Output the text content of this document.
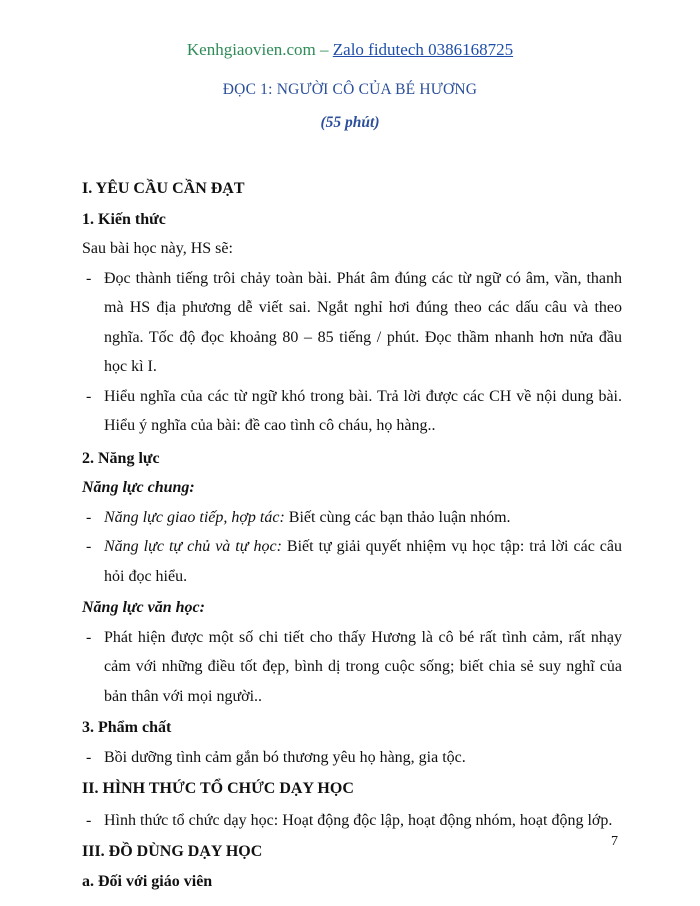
Kenhgiaovien.com – Zalo fidutech 0386168725
ĐỌC 1: NGƯỜI CÔ CỦA BÉ HƯƠNG
(55 phút)

I. YÊU CẦU CẦN ĐẠT

1. Kiến thức

Sau bài học này, HS sẽ:

- Đọc thành tiếng trôi chảy toàn bài. Phát âm đúng các từ ngữ có âm, vần, thanh mà HS địa phương dễ viết sai. Ngắt nghỉ hơi đúng theo các dấu câu và theo nghĩa. Tốc độ đọc khoảng 80 – 85 tiếng / phút. Đọc thầm nhanh hơn nửa đầu học kì I.

- Hiểu nghĩa của các từ ngữ khó trong bài. Trả lời được các CH về nội dung bài. Hiểu ý nghĩa của bài: đề cao tình cô cháu, họ hàng..

2. Năng lực

Năng lực chung:

- Năng lực giao tiếp, hợp tác: Biết cùng các bạn thảo luận nhóm.

- Năng lực tự chủ và tự học: Biết tự giải quyết nhiệm vụ học tập: trả lời các câu hỏi đọc hiểu.

Năng lực văn học:

- Phát hiện được một số chi tiết cho thấy Hương là cô bé rất tình cảm, rất nhạy cảm với những điều tốt đẹp, bình dị trong cuộc sống; biết chia sẻ suy nghĩ của bản thân với mọi người..

3. Phẩm chất

- Bồi dưỡng tình cảm gắn bó thương yêu họ hàng, gia tộc.

II. HÌNH THỨC TỔ CHỨC DẠY HỌC

- Hình thức tổ chức dạy học: Hoạt động độc lập, hoạt động nhóm, hoạt động lớp.

III. ĐỒ DÙNG DẠY HỌC

a. Đối với giáo viên

7
